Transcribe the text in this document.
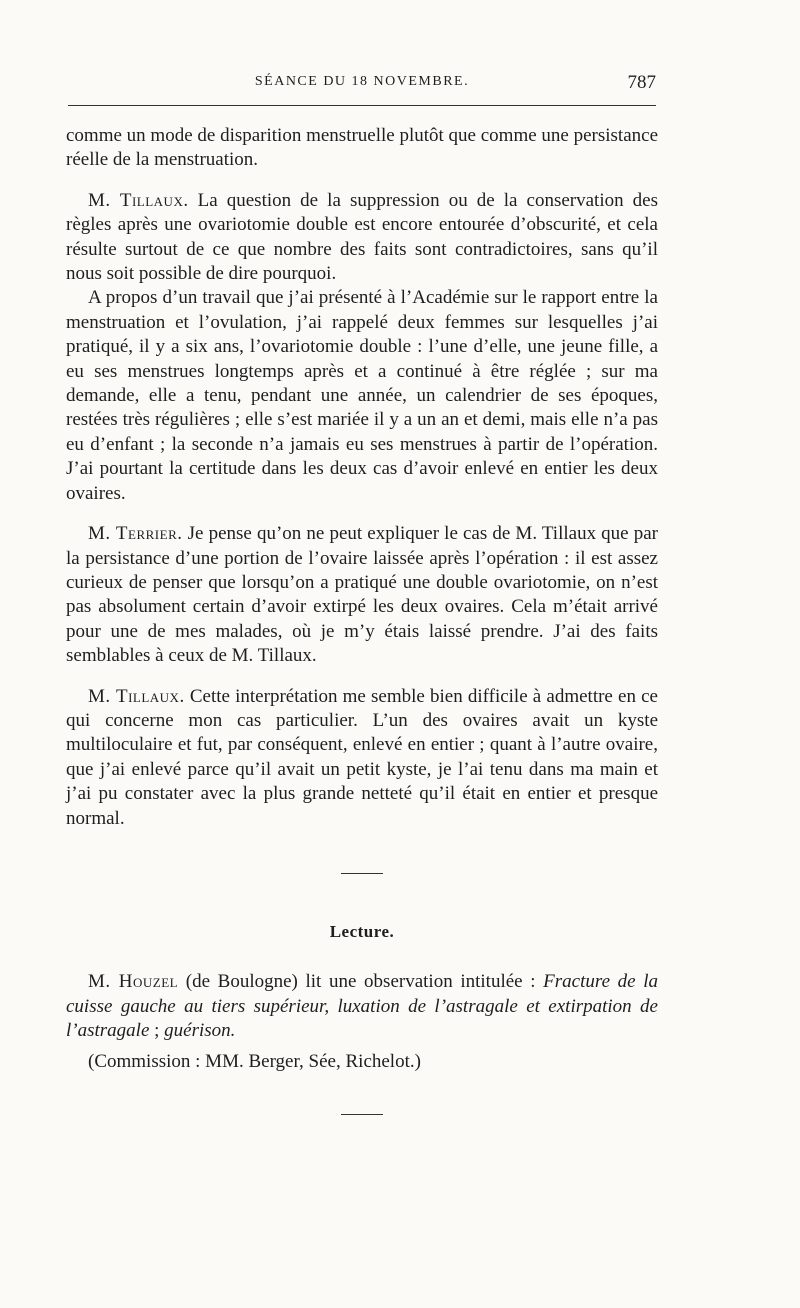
SÉANCE DU 18 NOVEMBRE.	787

comme un mode de disparition menstruelle plutôt que comme une persistance réelle de la menstruation.

M. Tillaux. La question de la suppression ou de la conservation des règles après une ovariotomie double est encore entourée d’obscurité, et cela résulte surtout de ce que nombre des faits sont contradictoires, sans qu’il nous soit possible de dire pourquoi.

A propos d’un travail que j’ai présenté à l’Académie sur le rapport entre la menstruation et l’ovulation, j’ai rappelé deux femmes sur lesquelles j’ai pratiqué, il y a six ans, l’ovariotomie double : l’une d’elle, une jeune fille, a eu ses menstrues longtemps après et a continué à être réglée ; sur ma demande, elle a tenu, pendant une année, un calendrier de ses époques, restées très régulières ; elle s’est mariée il y a un an et demi, mais elle n’a pas eu d’enfant ; la seconde n’a jamais eu ses menstrues à partir de l’opération. J’ai pourtant la certitude dans les deux cas d’avoir enlevé en entier les deux ovaires.

M. Terrier. Je pense qu’on ne peut expliquer le cas de M. Tillaux que par la persistance d’une portion de l’ovaire laissée après l’opération : il est assez curieux de penser que lorsqu’on a pratiqué une double ovariotomie, on n’est pas absolument certain d’avoir extirpé les deux ovaires. Cela m’était arrivé pour une de mes malades, où je m’y étais laissé prendre. J’ai des faits semblables à ceux de M. Tillaux.

M. Tillaux. Cette interprétation me semble bien difficile à admettre en ce qui concerne mon cas particulier. L’un des ovaires avait un kyste multiloculaire et fut, par conséquent, enlevé en entier ; quant à l’autre ovaire, que j’ai enlevé parce qu’il avait un petit kyste, je l’ai tenu dans ma main et j’ai pu constater avec la plus grande netteté qu’il était en entier et presque normal.

Lecture.

M. Houzel (de Boulogne) lit une observation intitulée : Fracture de la cuisse gauche au tiers supérieur, luxation de l’astragale et extirpation de l’astragale ; guérison.

(Commission : MM. Berger, Sée, Richelot.)
